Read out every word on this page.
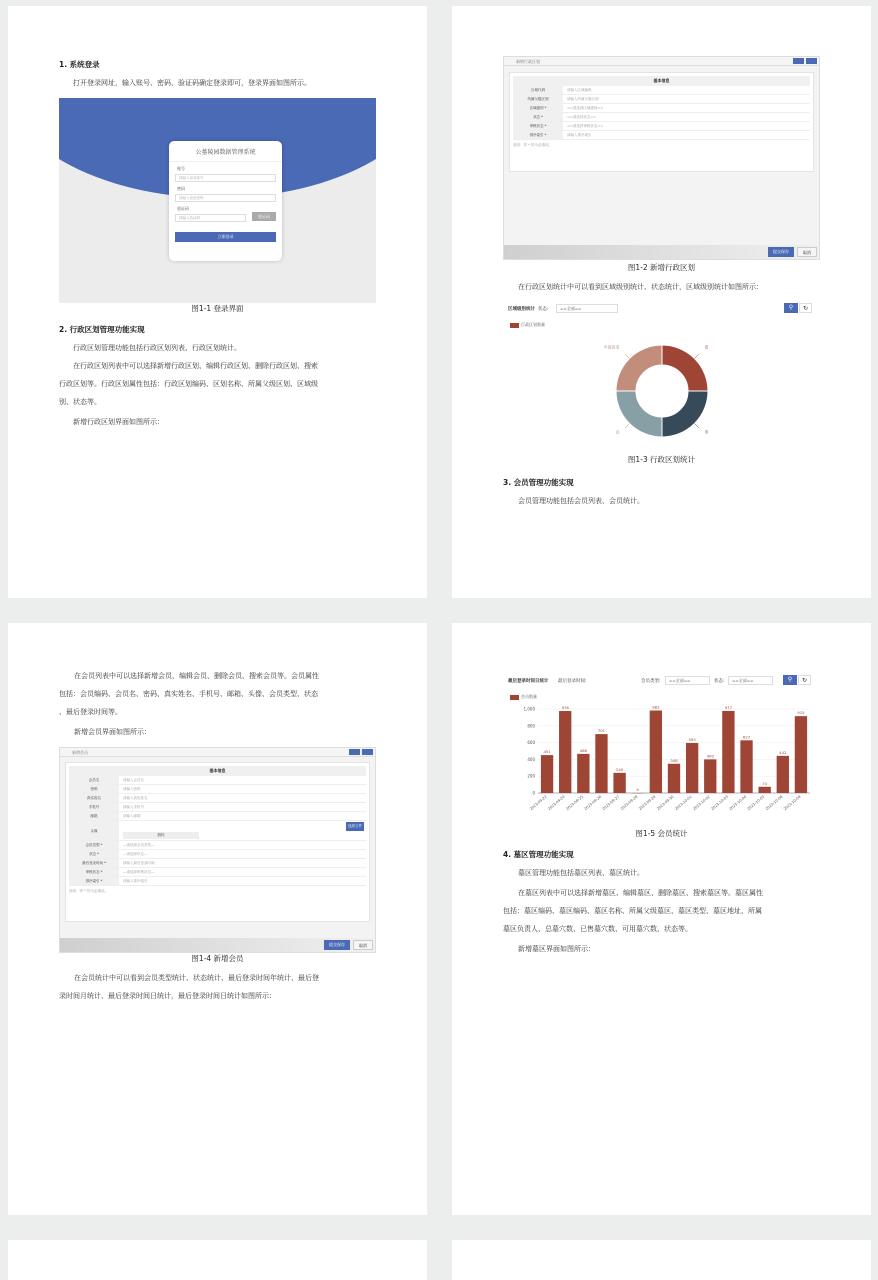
1. 系统登录
打开登录网址，输入账号、密码、验证码确定登录即可，登录界面如图所示。
公墓陵园数据管理系统
账号
请输入登录账号
密码
请输入登录密码
验证码
请输入验证码	验证码
立即登录
图1-1 登录界面
2. 行政区划管理功能实现
行政区划管理功能包括行政区划列表、行政区划统计。
在行政区划列表中可以选择新增行政区划、编辑行政区划、删除行政区划、搜索
行政区划等。行政区划属性包括：行政区划编码、区划名称、所属父级区划、区域级
别、状态等。
新增行政区划界面如图所示：
新增行政区划
基本信息
区域代码	请输入区域编码
所属父级区划	请输入所属父级区划
区域级别 *	==请选择区域级别==
状态 *	==请选择状态==
审核状态 *	==请选择审核状态==
排序索引 *	请输入排序索引
说明：带 * 的为必填项。
提交保存	取消
图1-2 新增行政区划
在行政区划统计中可以看到区域级别统计、状态统计，区域级别统计如图所示：
区域级别统计 状态:	==全部==	⚲	↻
行政区划数量
省
市
县
乡镇街道
图1-3 行政区划统计
3. 会员管理功能实现
会员管理功能包括会员列表、会员统计。
在会员列表中可以选择新增会员、编辑会员、删除会员、搜索会员等。会员属性
包括：会员编码、会员名、密码、真实姓名、手机号、邮箱、头像、会员类型、状态
、最后登录时间等。
新增会员界面如图所示：
新增会员
基本信息
会员名	请输入会员名
密码	请输入密码
真实姓名	请输入真实姓名
手机号	请输入手机号
邮箱	请输入邮箱
头像
选择文件
删除
会员类型 *	—请选择会员类型—
状态 *	—请选择状态—
最后登录时间 *	请输入最后登录时间
审核状态 *	—请选择审核状态—
排序索引 *	请输入排序索引
说明：带 * 的为必填项。
提交保存	取消
图1-4 新增会员
在会员统计中可以看到会员类型统计、状态统计、最后登录时间年统计、最后登
录时间月统计、最后登录时间日统计，最后登录时间日统计如图所示：
最后登录时间日统计 最后登录时间:	会员类型:	==全部==	状态:	==全部==	⚲	↻
会员数量
0
200
400
600
800
1,000
451
2023-09-22
976
2023-09-24
466
2023-09-25
701
2023-09-26
240
2023-09-27
0
2023-09-28
982
2023-09-29
348
2023-09-30
595
2023-10-01
400
2023-10-02
977
2023-10-03
627
2023-10-04
74
2023-10-05
442
2023-10-06
915
2023-10-08
图1-5 会员统计
4. 墓区管理功能实现
墓区管理功能包括墓区列表、墓区统计。
在墓区列表中可以选择新增墓区、编辑墓区、删除墓区、搜索墓区等。墓区属性
包括：墓区编码、墓区编码、墓区名称、所属父级墓区、墓区类型、墓区地址、所属
墓区负责人、总墓穴数、已售墓穴数、可用墓穴数、状态等。
新增墓区界面如图所示：
